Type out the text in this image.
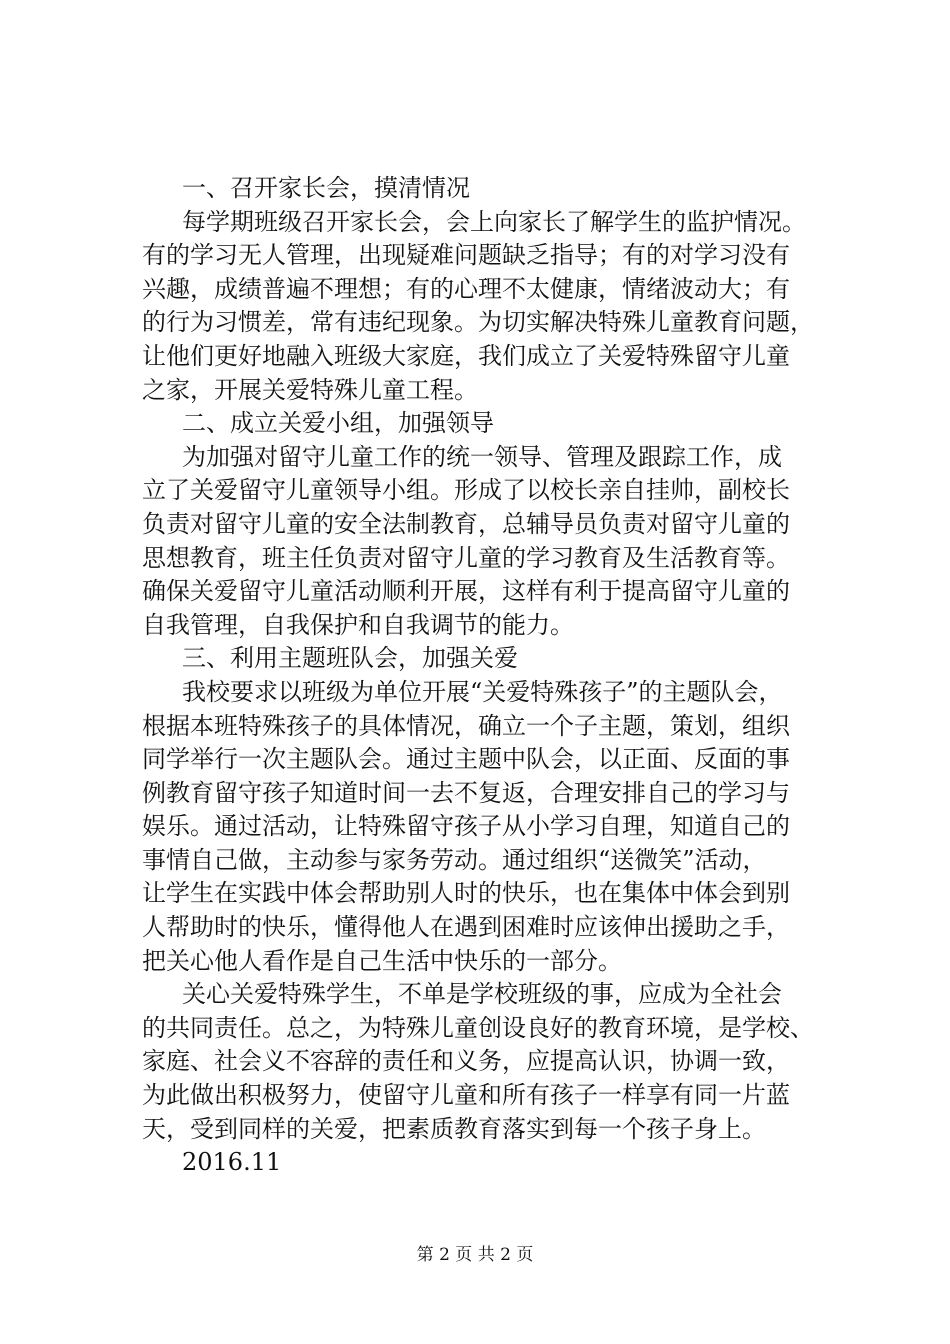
一、召开家长会，摸清情况
每学期班级召开家长会，会上向家长了解学生的监护情况。
有的学习无人管理，出现疑难问题缺乏指导；有的对学习没有
兴趣，成绩普遍不理想；有的心理不太健康，情绪波动大；有
的行为习惯差，常有违纪现象。为切实解决特殊儿童教育问题，
让他们更好地融入班级大家庭，我们成立了关爱特殊留守儿童
之家，开展关爱特殊儿童工程。
二、成立关爱小组，加强领导
为加强对留守儿童工作的统一领导、管理及跟踪工作，成
立了关爱留守儿童领导小组。形成了以校长亲自挂帅，副校长
负责对留守儿童的安全法制教育，总辅导员负责对留守儿童的
思想教育，班主任负责对留守儿童的学习教育及生活教育等。
确保关爱留守儿童活动顺利开展，这样有利于提高留守儿童的
自我管理，自我保护和自我调节的能力。
三、利用主题班队会，加强关爱
我校要求以班级为单位开展“关爱特殊孩子”的主题队会，
根据本班特殊孩子的具体情况，确立一个子主题，策划，组织
同学举行一次主题队会。通过主题中队会，以正面、反面的事
例教育留守孩子知道时间一去不复返，合理安排自己的学习与
娱乐。通过活动，让特殊留守孩子从小学习自理，知道自己的
事情自己做，主动参与家务劳动。通过组织“送微笑”活动，
让学生在实践中体会帮助别人时的快乐，也在集体中体会到别
人帮助时的快乐，懂得他人在遇到困难时应该伸出援助之手，
把关心他人看作是自己生活中快乐的一部分。
关心关爱特殊学生，不单是学校班级的事，应成为全社会
的共同责任。总之，为特殊儿童创设良好的教育环境，是学校、
家庭、社会义不容辞的责任和义务，应提高认识，协调一致，
为此做出积极努力，使留守儿童和所有孩子一样享有同一片蓝
天，受到同样的关爱，把素质教育落实到每一个孩子身上。
2016.11
第 2 页 共 2 页
